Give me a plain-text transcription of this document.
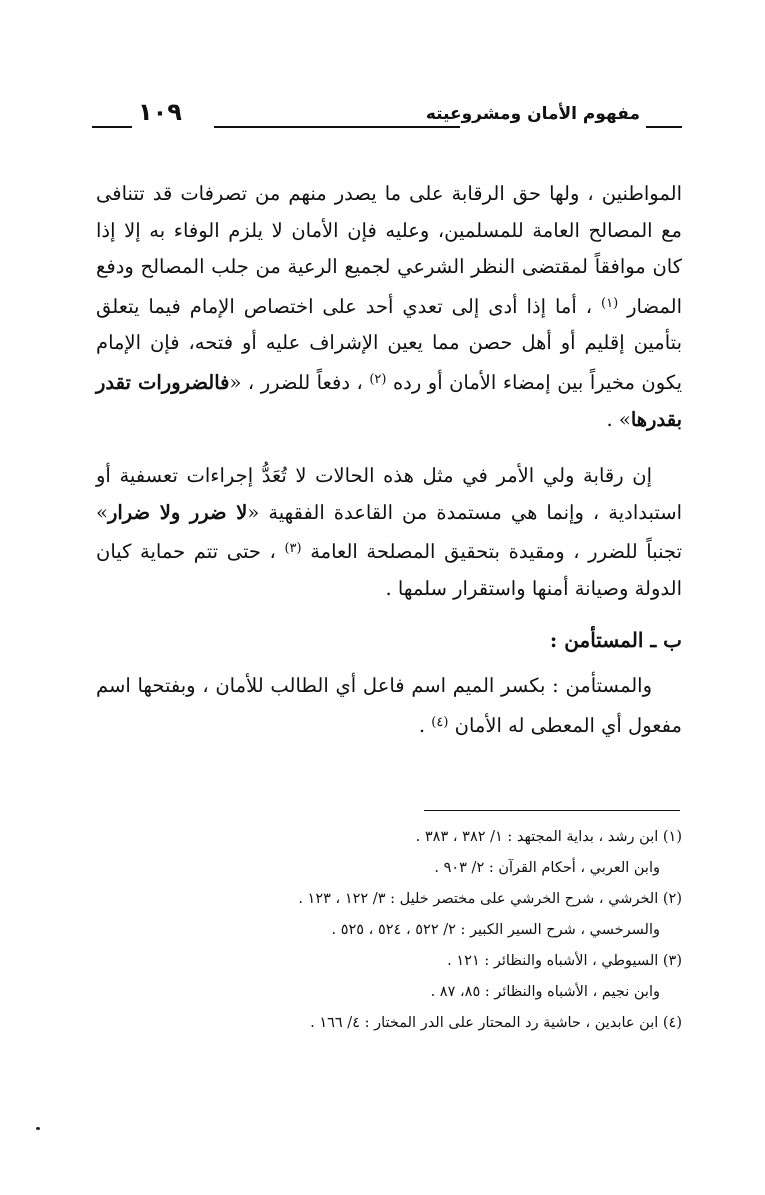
مفهوم الأمان ومشروعيته
١٠٩

المواطنين ، ولها حق الرقابة على ما يصدر منهم من تصرفات قد تتنافى مع المصالح العامة للمسلمين، وعليه فإن الأمان لا يلزم الوفاء به إلا إذا كان موافقاً لمقتضى النظر الشرعي لجميع الرعية من جلب المصالح ودفع المضار $^{(١)}$ ، أما إذا أدى إلى تعدي أحد على اختصاص الإمام فيما يتعلق بتأمين إقليم أو أهل حصن مما يعين الإشراف عليه أو فتحه، فإن الإمام يكون مخيراً بين إمضاء الأمان أو رده $^{(٢)}$ ، دفعاً للضرر ، «فالضرورات تقدر بقدرها» .

إن رقابة ولي الأمر في مثل هذه الحالات لا تُعَدُّ إجراءات تعسفية أو استبدادية ، وإنما هي مستمدة من القاعدة الفقهية «لا ضرر ولا ضرار» تجنباً للضرر ، ومقيدة بتحقيق المصلحة العامة $^{(٣)}$ ، حتى تتم حماية كيان الدولة وصيانة أمنها واستقرار سلمها .

ب ـ المستأمن :

والمستأمن : بكسر الميم اسم فاعل أي الطالب للأمان ، وبفتحها اسم مفعول أي المعطى له الأمان $^{(٤)}$ .

(١) ابن رشد ، بداية المجتهد : ١/ ٣٨٢ ، ٣٨٣ .
وابن العربي ، أحكام القرآن : ٢/ ٩٠٣ .
(٢) الخرشي ، شرح الخرشي على مختصر خليل : ٣/ ١٢٢ ، ١٢٣ .
والسرخسي ، شرح السير الكبير : ٢/ ٥٢٢ ، ٥٢٤ ، ٥٢٥ .
(٣) السيوطي ، الأشباه والنظائر : ١٢١ .
وابن نجيم ، الأشباه والنظائر : ٨٥، ٨٧ .
(٤) ابن عابدين ، حاشية رد المحتار على الدر المختار : ٤/ ١٦٦ .
